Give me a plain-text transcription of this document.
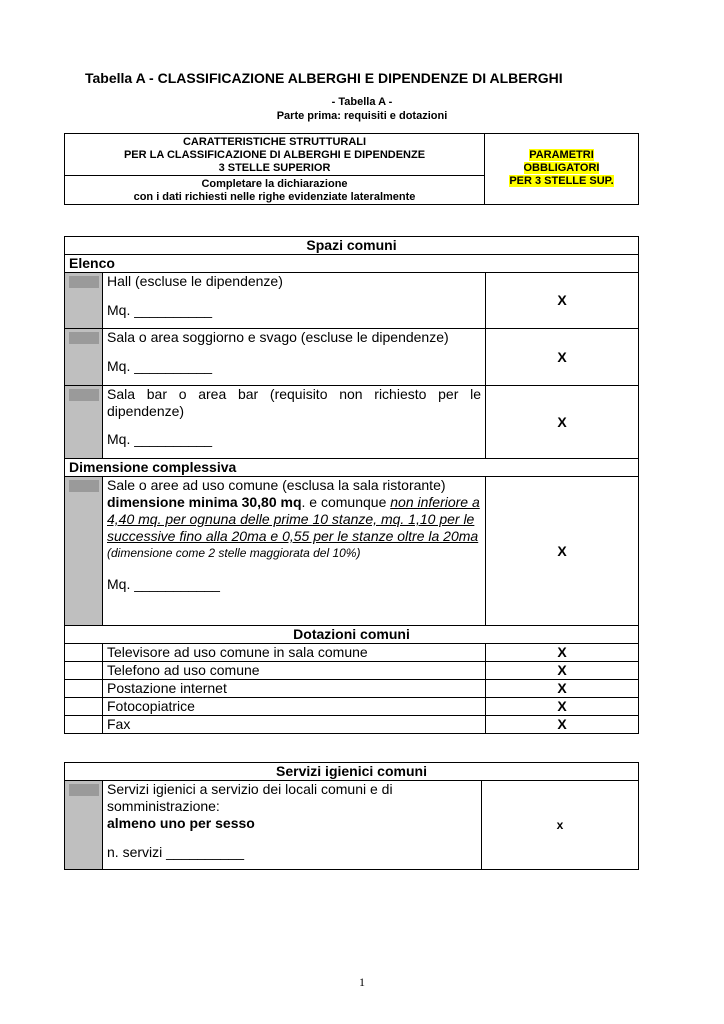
Tabella A - CLASSIFICAZIONE ALBERGHI E DIPENDENZE DI ALBERGHI
- Tabella A -
Parte prima: requisiti e dotazioni
CARATTERISTICHE STRUTTURALI
PER LA CLASSIFICAZIONE DI ALBERGHI E DIPENDENZE
3 STELLE SUPERIOR
	PARAMETRI
OBBLIGATORI
PER 3 STELLE SUP.

Completare la dichiarazione
con i dati richiesti nelle righe evidenziate lateralmente
Spazi comuni		
Elenco		

	Hall (escluse le dipendenze)
Mq. __________	X

	Sala o area soggiorno e svago (escluse le dipendenze)
Mq. __________	X

	Sala bar o area bar (requisito non richiesto per le dipendenze)
Mq. __________	X
Dimensione complessiva		

	Sale o aree ad uso comune (esclusa la sala ristorante)
dimensione minima 30,80 mq. e comunque non inferiore a 4,40 mq. per ognuna delle prime 10 stanze, mq. 1,10 per le successive fino alla 20ma e 0,55 per le stanze oltre la 20ma
(dimensione come 2 stelle maggiorata del 10%)
Mq. ___________	X
Dotazioni comuni		
	Televisore ad uso comune in sala comune	X
	Telefono ad uso comune	X
	Postazione internet	X
	Fotocopiatrice	X
	Fax	X
Servizi igienici comuni

Servizi igienici a servizio dei locali comuni e di somministrazione:
almeno uno per sesso
n. servizi __________
	x
1
